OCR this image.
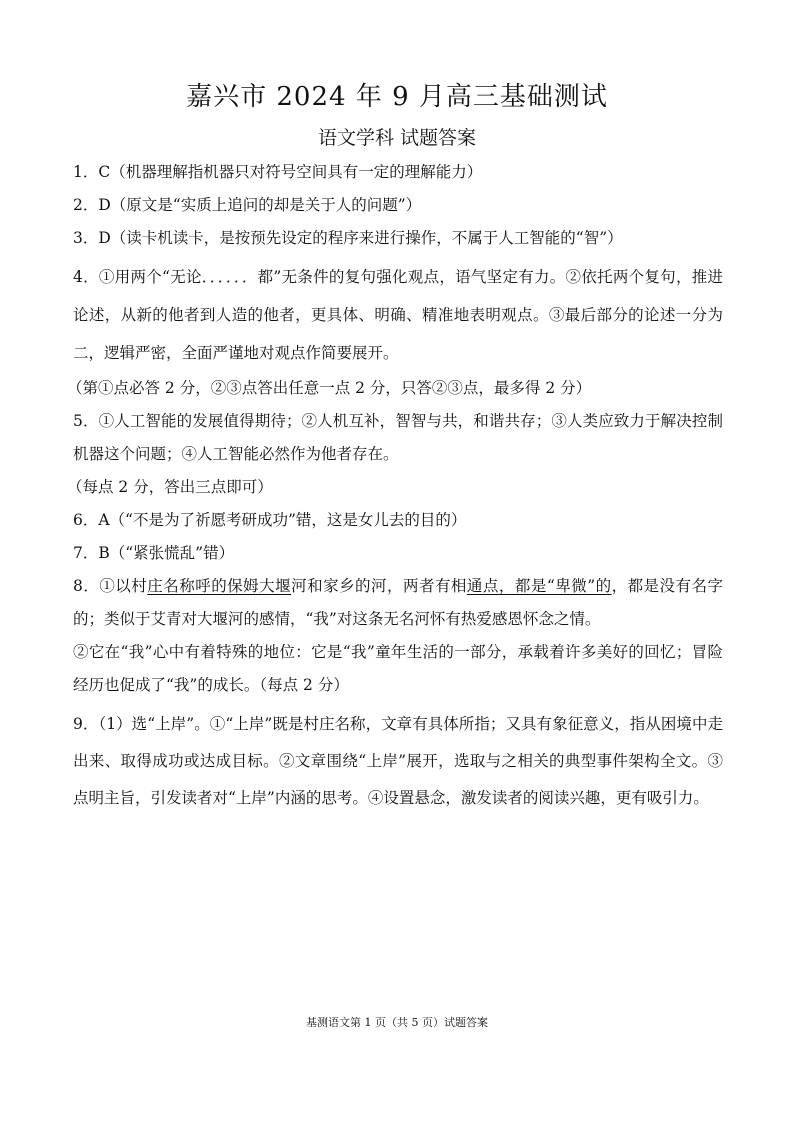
嘉兴市 2024 年 9 月高三基础测试
语文学科 试题答案
1．C（机器理解指机器只对符号空间具有一定的理解能力）
2．D（原文是“实质上追问的却是关于人的问题”）
3．D（读卡机读卡，是按预先设定的程序来进行操作，不属于人工智能的“智”）
4．①用两个“无论．．．．．．都”无条件的复句强化观点，语气坚定有力。②依托两个复句，推进论述，从新的他者到人造的他者，更具体、明确、精准地表明观点。③最后部分的论述一分为二，逻辑严密，全面严谨地对观点作简要展开。
（第①点必答 2 分，②③点答出任意一点 2 分，只答②③点，最多得 2 分）
5．①人工智能的发展值得期待；②人机互补，智智与共，和谐共存；③人类应致力于解决控制机器这个问题；④人工智能必然作为他者存在。
（每点 2 分，答出三点即可）
6．A（“不是为了祈愿考研成功”错，这是女儿去的目的）
7．B（“紧张慌乱”错）
8．①以村庄名称呼的保姆大堰河和家乡的河，两者有相通点，都是“卑微”的，都是没有名字的；类似于艾青对大堰河的感情，“我”对这条无名河怀有热爱感恩怀念之情。
②它在“我”心中有着特殊的地位：它是“我”童年生活的一部分，承载着许多美好的回忆；冒险经历也促成了“我”的成长。（每点 2 分）
9．（1）选“上岸”。①“上岸”既是村庄名称，文章有具体所指；又具有象征意义，指从困境中走出来、取得成功或达成目标。②文章围绕“上岸”展开，选取与之相关的典型事件架构全文。③点明主旨，引发读者对“上岸”内涵的思考。④设置悬念，激发读者的阅读兴趣，更有吸引力。
基测语文第 1 页（共 5 页）试题答案
